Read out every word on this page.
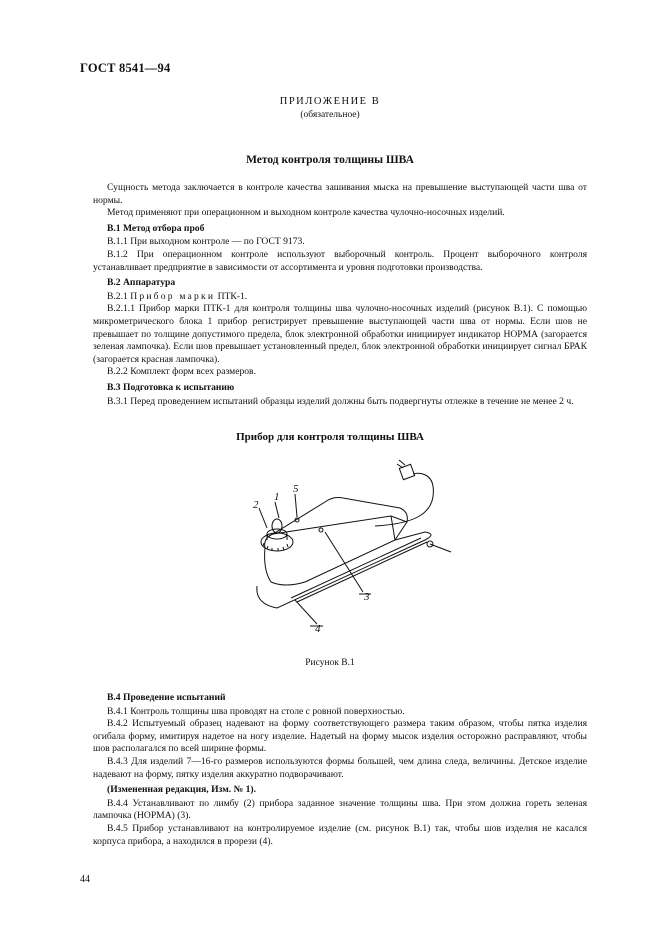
ГОСТ 8541—94
ПРИЛОЖЕНИЕ В
(обязательное)
Метод контроля толщины ШВА
Сущность метода заключается в контроле качества зашивания мыска на превышение выступающей части шва от нормы.
Метод применяют при операционном и выходном контроле качества чулочно-носочных изделий.
В.1 Метод отбора проб
В.1.1 При выходном контроле — по ГОСТ 9173.
В.1.2 При операционном контроле используют выборочный контроль. Процент выборочного контроля устанавливает предприятие в зависимости от ассортимента и уровня подготовки производства.
В.2 Аппаратура
В.2.1 Прибор марки ПТК-1.
В.2.1.1 Прибор марки ПТК-1 для контроля толщины шва чулочно-носочных изделий (рисунок В.1). С помощью микрометрического блока 1 прибор регистрирует превышение выступающей части шва от нормы. Если шов не превышает по толщине допустимого предела, блок электронной обработки инициирует индикатор НОРМА (загорается зеленая лампочка). Если шов превышает установленный предел, блок электронной обработки инициирует сигнал БРАК (загорается красная лампочка).
В.2.2 Комплект форм всех размеров.
В.3 Подготовка к испытанию
В.3.1 Перед проведением испытаний образцы изделий должны быть подвергнуты отлежке в течение не менее 2 ч.
Прибор для контроля толщины ШВА
1
2
3
4
5
Рисунок В.1
В.4 Проведение испытаний
В.4.1 Контроль толщины шва проводят на столе с ровной поверхностью.
В.4.2 Испытуемый образец надевают на форму соответствующего размера таким образом, чтобы пятка изделия огибала форму, имитируя надетое на ногу изделие. Надетый на форму мысок изделия осторожно расправляют, чтобы шов располагался по всей ширине формы.
В.4.3 Для изделий 7—16-го размеров используются формы большей, чем длина следа, величины. Детское изделие надевают на форму, пятку изделия аккуратно подворачивают.
(Измененная редакция, Изм. № 1).
В.4.4 Устанавливают по лимбу (2) прибора заданное значение толщины шва. При этом должна гореть зеленая лампочка (НОРМА) (3).
В.4.5 Прибор устанавливают на контролируемое изделие (см. рисунок В.1) так, чтобы шов изделия не касался корпуса прибора, а находился в прорези (4).
44
